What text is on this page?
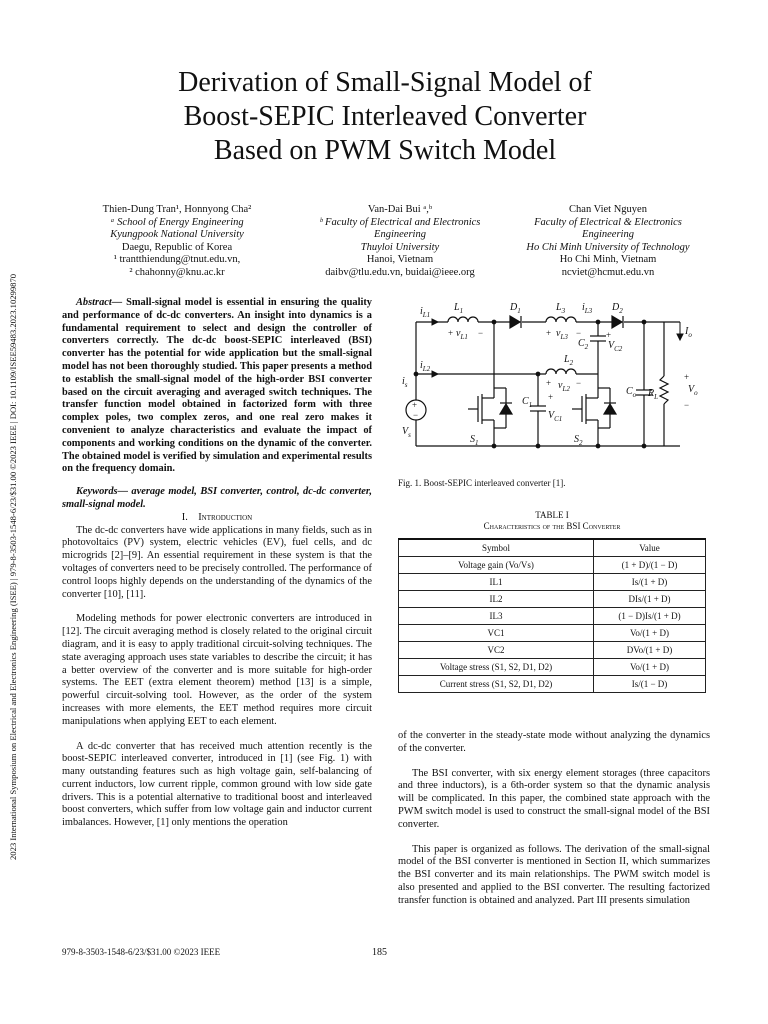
2023 International Symposium on Electrical and Electronics Engineering (ISEE) | 979-8-3503-1548-6/23/$31.00 ©2023 IEEE | DOI: 10.1109/ISEE59483.2023.10299870
Derivation of Small-Signal Model of
Boost-SEPIC Interleaved Converter
Based on PWM Switch Model
Thien-Dung Tran¹, Honnyong Cha²
ᵃ School of Energy Engineering
Kyungpook National University
Daegu, Republic of Korea
¹ trantthiendung@tnut.edu.vn,
² chahonny@knu.ac.kr
Van-Dai Bui ᵃ,ᵇ
ᵇ Faculty of Electrical and Electronics
Engineering
Thuyloi University
Hanoi, Vietnam
daibv@tlu.edu.vn, buidai@ieee.org
Chan Viet Nguyen
Faculty of Electrical & Electronics
Engineering
Ho Chi Minh University of Technology
Ho Chi Minh, Vietnam
ncviet@hcmut.edu.vn

Abstract— Small-signal model is essential in ensuring the quality and performance of dc-dc converters. An insight into dynamics is a fundamental requirement to select and design the controller of converters correctly. The dc-dc boost-SEPIC interleaved (BSI) converter has the potential for wide application but the small-signal model has not been thoroughly studied. This paper presents a method to establish the small-signal model of the high-order BSI converter based on the circuit averaging and averaged switch techniques. The transfer function model obtained in factorized form with three complex poles, two complex zeros, and one real zero makes it convenient to analyze characteristics and evaluate the impact of components and working conditions on the dynamic of the converter. The obtained model is verified by simulation and experimental results on the frequency domain.

Keywords— average model, BSI converter, control, dc-dc converter, small-signal model.

I. Introduction

The dc-dc converters have wide applications in many fields, such as in photovoltaics (PV) system, electric vehicles (EV), fuel cells, and dc microgrids [2]–[9]. An essential requirement in these system is that the voltages of converters need to be precisely controlled. The performance of control loops highly depends on the understanding of the dynamics of the converter [10], [11].

Modeling methods for power electronic converters are introduced in [12]. The circuit averaging method is closely related to the original circuit diagram, and it is easy to apply traditional circuit-solving techniques. The state averaging approach uses state variables to describe the circuit; it has a better overview of the converter and is more suitable for high-order systems. The EET (extra element theorem) method [13] is a simple, powerful circuit-solving tool. However, as the order of the system increases with more elements, the EET method requires more circuit manipulations when applying EET to each element.

A dc-dc converter that has received much attention recently is the boost-SEPIC interleaved converter, introduced in [1] (see Fig. 1) with many outstanding features such as high voltage gain, self-balancing of current inductors, low current ripple, common ground with low side gate drivers. This is a potential alternative to traditional boost and interleaved boost converters, which suffer from low voltage gain and inductor current imbalances. However, [1] only mentions the operation

$i_{L1}$
$L_1$
$v_{L1}$
$D_1$	$L_3$ $i_{L3}$ $D_2$
$v_{L3}$
$C_2$ $V_{C2}$
$L_2$
$i_{L2}$
$v_{L2}$
$i_s$
$C_1$
$V_{C1}$
$V_s$	$S_1$	$S_2$
$I_o$
$C_o$ $R_L$
$V_o$
+	−	+	−
+	−
+
−
+
−
+
+
Fig. 1. Boost-SEPIC interleaved converter [1].
TABLE I
Characteristics of the BSI Converter
Symbol	Value
Voltage gain (Vo/Vs)	(1 + D)/(1 − D)
IL1	Is/(1 + D)
IL2	DIs/(1 + D)
IL3	(1 − D)Is/(1 + D)
VC1	Vo/(1 + D)
VC2	DVo/(1 + D)
Voltage stress (S1, S2, D1, D2)	Vo/(1 + D)
Current stress (S1, S2, D1, D2)	Is/(1 − D)

of the converter in the steady-state mode without analyzing the dynamics of the converter.

The BSI converter, with six energy element storages (three capacitors and three inductors), is a 6th-order system so that the dynamic analysis will be complicated. In this paper, the combined state approach with the PWM switch model is used to construct the small-signal model of the BSI converter.

This paper is organized as follows. The derivation of the small-signal model of the BSI converter is mentioned in Section II, which summarizes the BSI converter and its main relationships. The PWM switch model is also presented and applied to the BSI converter. The resulting factorized transfer function is obtained and analyzed. Part III presents simulation

979-8-3503-1548-6/23/$31.00 ©2023 IEEE	185
